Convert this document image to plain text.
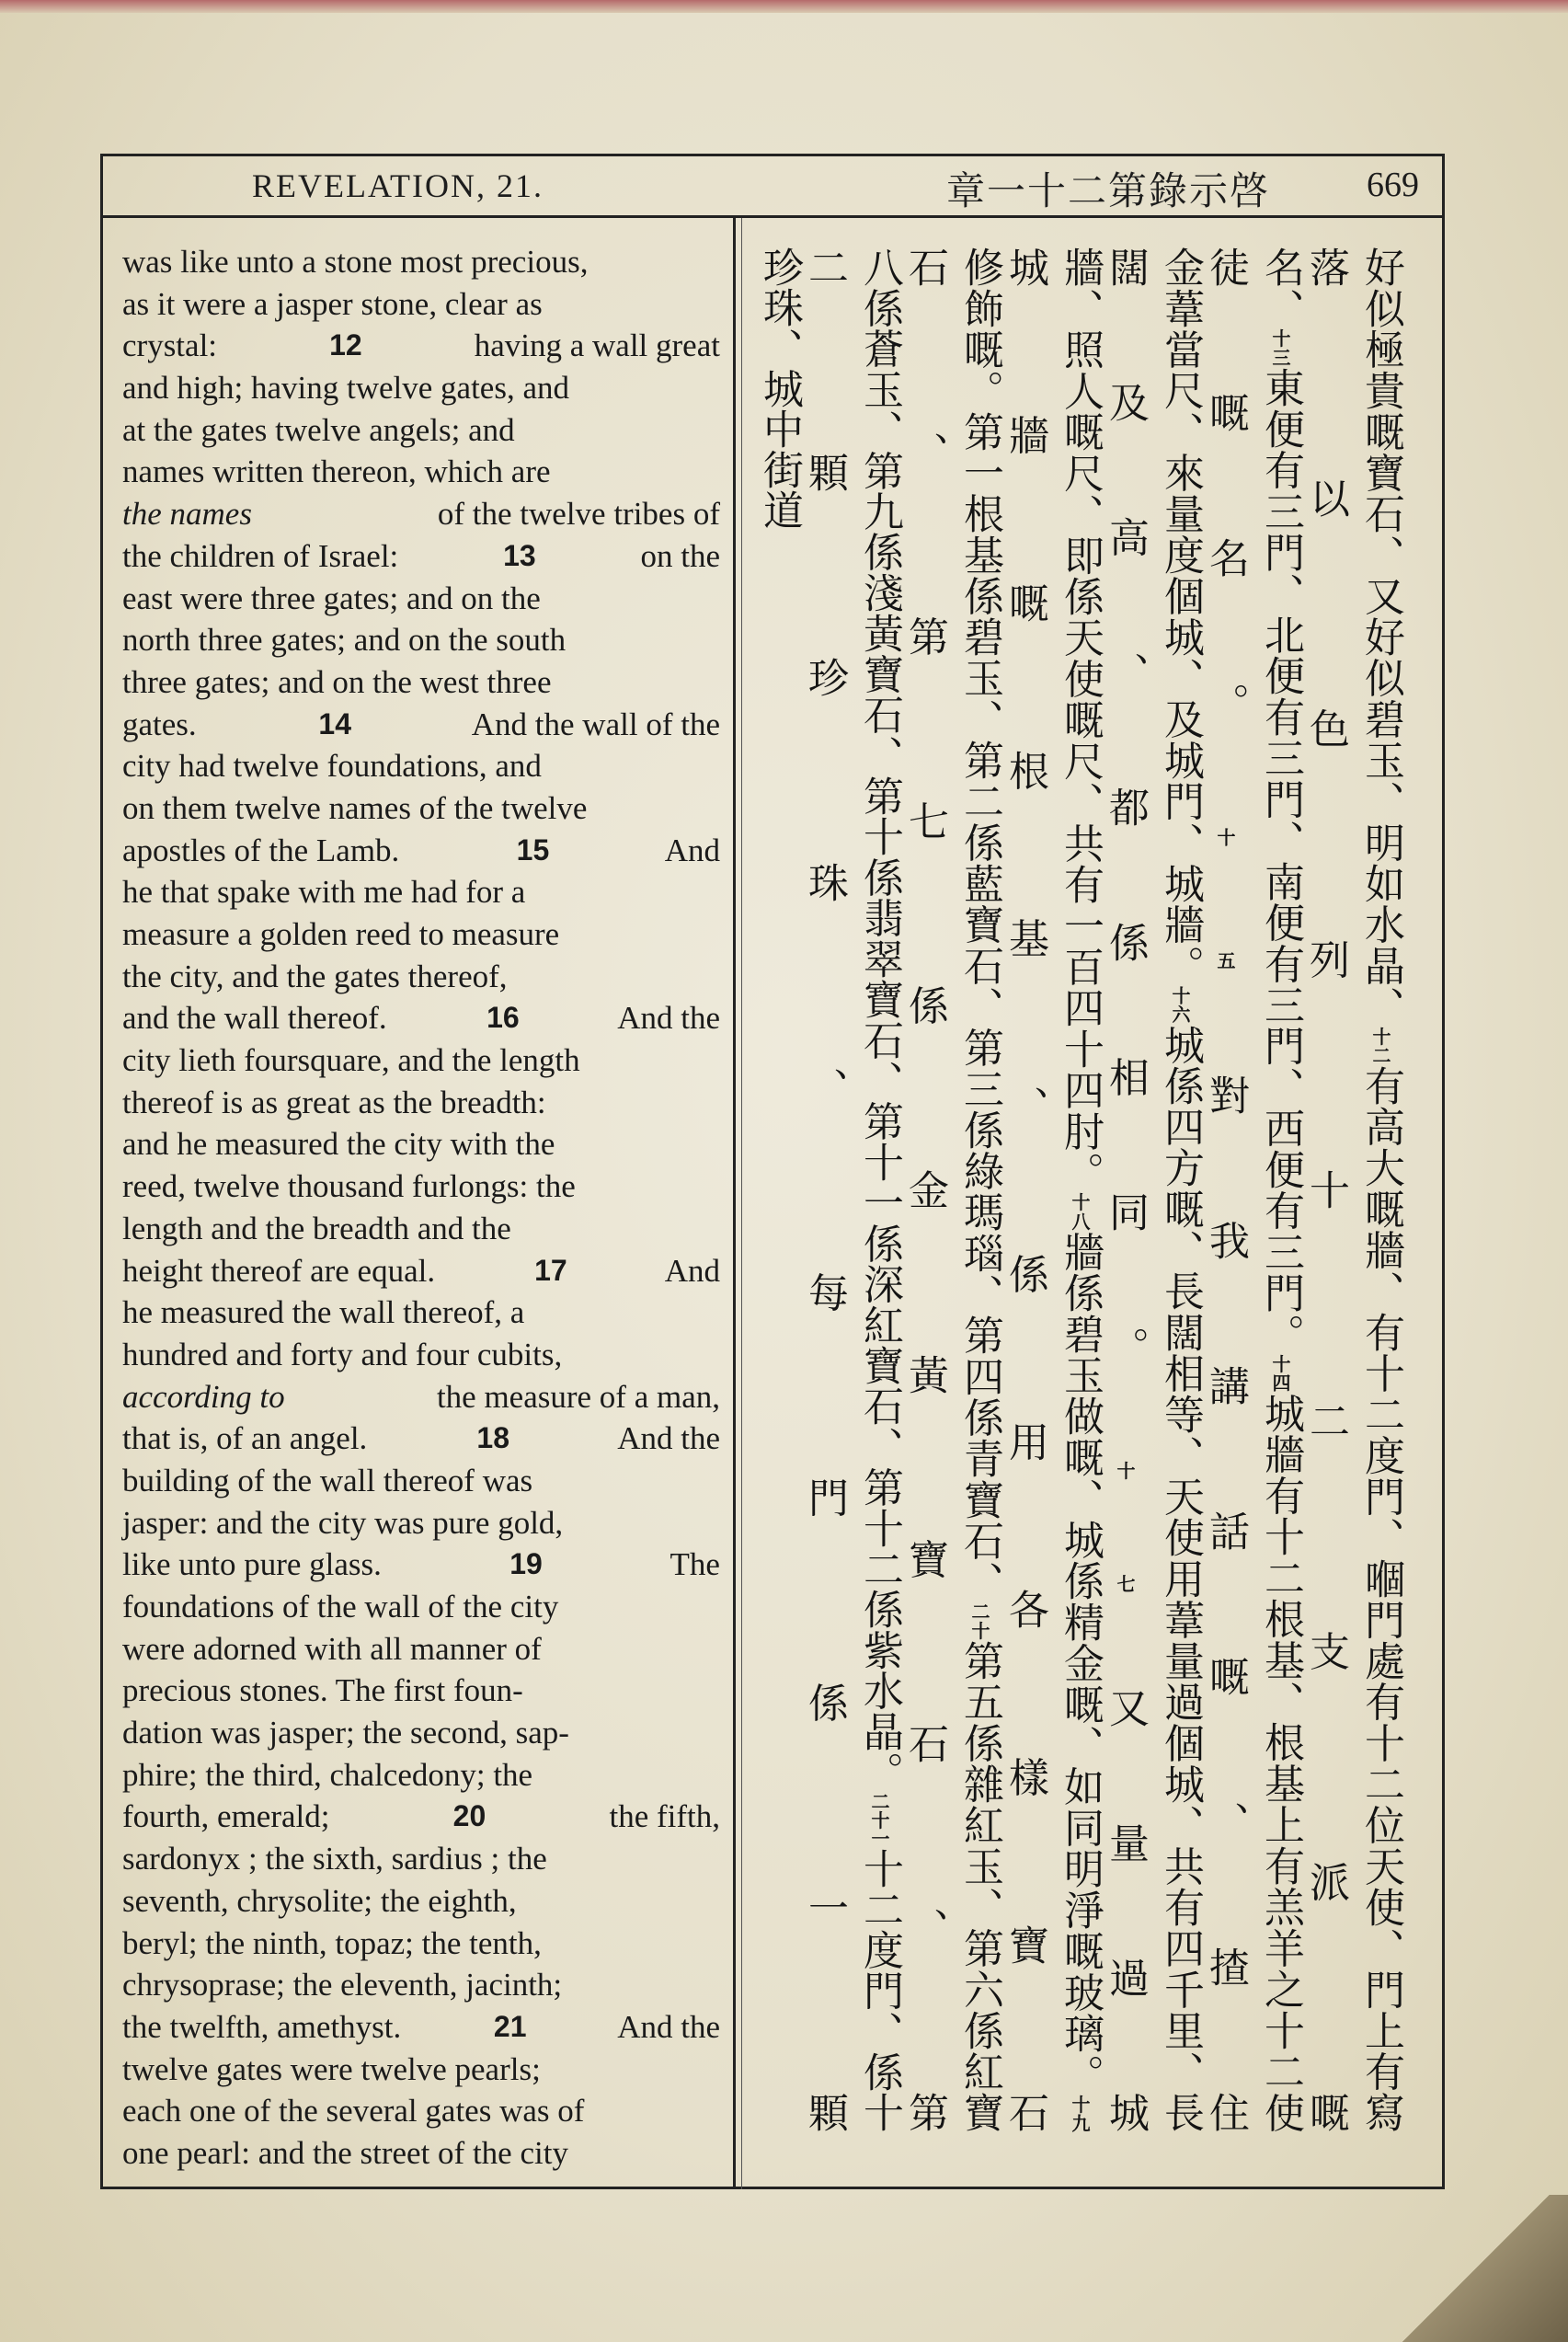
REVELATION, 21.	啓示錄第二十一章	669
was like unto a stone most precious,
as it were a jasper stone, clear as
crystal:	12	having a wall great
and high; having twelve gates, and
at the gates twelve angels; and
names written thereon, which are
the names	of the twelve tribes of
the children of Israel:	13	on the
east were three gates; and on the
north three gates; and on the south
three gates; and on the west three
gates.	14	And the wall of the
city had twelve foundations, and
on them twelve names of the twelve
apostles of the Lamb.	15	And
he that spake with me had for a
measure a golden reed to measure
the city, and the gates thereof,
and the wall thereof.	16	And the
city lieth foursquare, and the length
thereof is as great as the breadth:
and he measured the city with the
reed, twelve thousand furlongs: the
length and the breadth and the
height thereof are equal.	17	And
he measured the wall thereof, a
hundred and forty and four cubits,
according to	the measure of a man,
that is, of an angel.	18	And the
building of the wall thereof was
jasper: and the city was pure gold,
like unto pure glass.	19	The
foundations of the wall of the city
were adorned with all manner of
precious stones. The first foun-
dation was jasper; the second, sap-
phire; the third, chalcedony; the
fourth, emerald;	20	the fifth,
sardonyx ; the sixth, sardius ; the
seventh, chrysolite; the eighth,
beryl; the ninth, topaz; the tenth,
chrysoprase; the eleventh, jacinth;
the twelfth, amethyst.	21	And the
twelve gates were twelve pearls;
each one of the several gates was of
one pearl: and the street of the city
好似極貴嘅寶石、又好似碧玉、明如水晶、十二有高大嘅牆、有十二度門、嗰門處有十二位天使、門上有寫落以色列十二支派嘅
名、十三東便有三門、北便有三門、南便有三門、西便有三門。十四城牆有十二根基、根基上有羔羊之十二使徒嘅名。十五對我講話嘅、揸住
金葦當尺、來量度個城、及城門、城牆。十六城係四方嘅、長闊相等、天使用葦量過個城、共有四千里、長闊及高、都係相同。十七又量過城
牆、照人嘅尺、即係天使嘅尺、共有一百四十四肘。十八牆係碧玉做嘅、城係精金嘅、如同明淨嘅玻璃。十九城牆嘅根基、係用各樣寶石
修飾嘅。第一根基係碧玉、第二係藍寶石、第三係綠瑪瑙、第四係青寶石、二十第五係雜紅玉、第六係紅寶石、第七係金黃寶石、第
八係蒼玉、第九係淺黃寶石、第十係翡翠寶石、第十一係深紅寶石、第十二係紫水晶。二十一十二度門、係十二顆珍珠、每門係一顆
珍珠、城中街道
